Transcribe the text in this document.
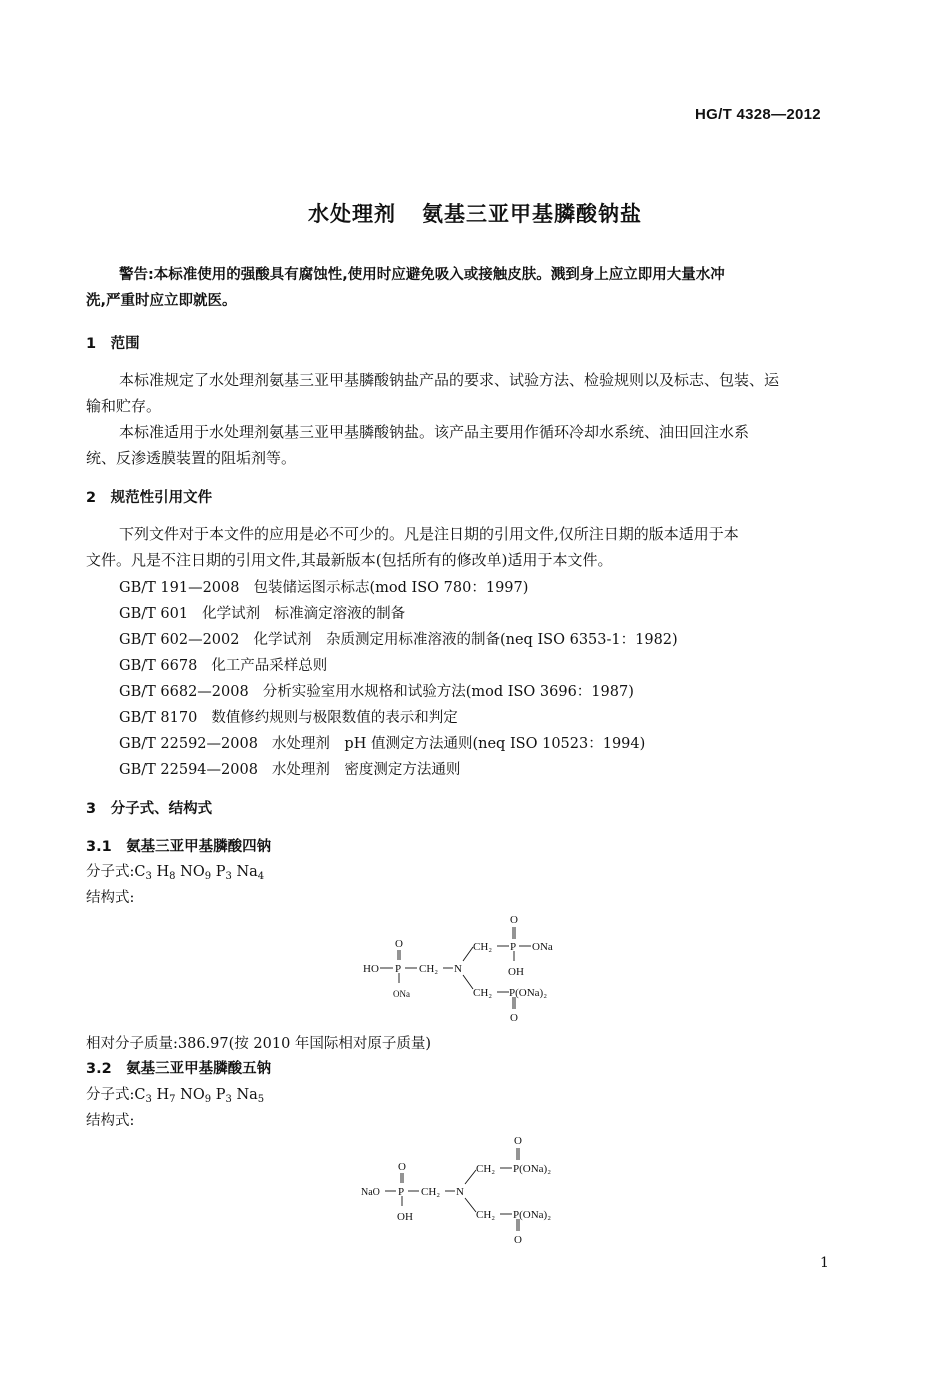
HG/T 4328—2012
水处理剂 氨基三亚甲基膦酸钠盐
警告:本标准使用的强酸具有腐蚀性,使用时应避免吸入或接触皮肤。溅到身上应立即用大量水冲
洗,严重时应立即就医。
1　范围
本标准规定了水处理剂氨基三亚甲基膦酸钠盐产品的要求、试验方法、检验规则以及标志、包装、运
输和贮存。
本标准适用于水处理剂氨基三亚甲基膦酸钠盐。该产品主要用作循环冷却水系统、油田回注水系
统、反渗透膜装置的阻垢剂等。
2　规范性引用文件
下列文件对于本文件的应用是必不可少的。凡是注日期的引用文件,仅所注日期的版本适用于本
文件。凡是不注日期的引用文件,其最新版本(包括所有的修改单)适用于本文件。
GB/T 191—2008 包装储运图示标志(mod ISO 780：1997)
GB/T 601 化学试剂　标准滴定溶液的制备
GB/T 602—2002 化学试剂　杂质测定用标准溶液的制备(neq ISO 6353-1：1982)
GB/T 6678 化工产品采样总则
GB/T 6682—2008 分析实验室用水规格和试验方法(mod ISO 3696：1987)
GB/T 8170 数值修约规则与极限数值的表示和判定
GB/T 22592—2008 水处理剂　pH 值测定方法通则(neq ISO 10523：1994)
GB/T 22594—2008 水处理剂　密度测定方法通则
3　分子式、结构式
3.1　氨基三亚甲基膦酸四钠
分子式$:C_3$ $H_8$ $NO_9$ $P_3$ $Na_4$
结构式:
O
HO P CH₂ N
ONa
O
CH₂ P ONa
OH
CH₂ P(ONa)₂
O
相对分子质量:386.97(按 2010 年国际相对原子质量)
3.2　氨基三亚甲基膦酸五钠
分子式$:C_3$ $H_7$ $NO_9$ $P_3$ $Na_5$
结构式:
O
NaO P CH₂ N
OH
O
CH₂ P(ONa)₂
CH₂ P(ONa)₂
O
1
